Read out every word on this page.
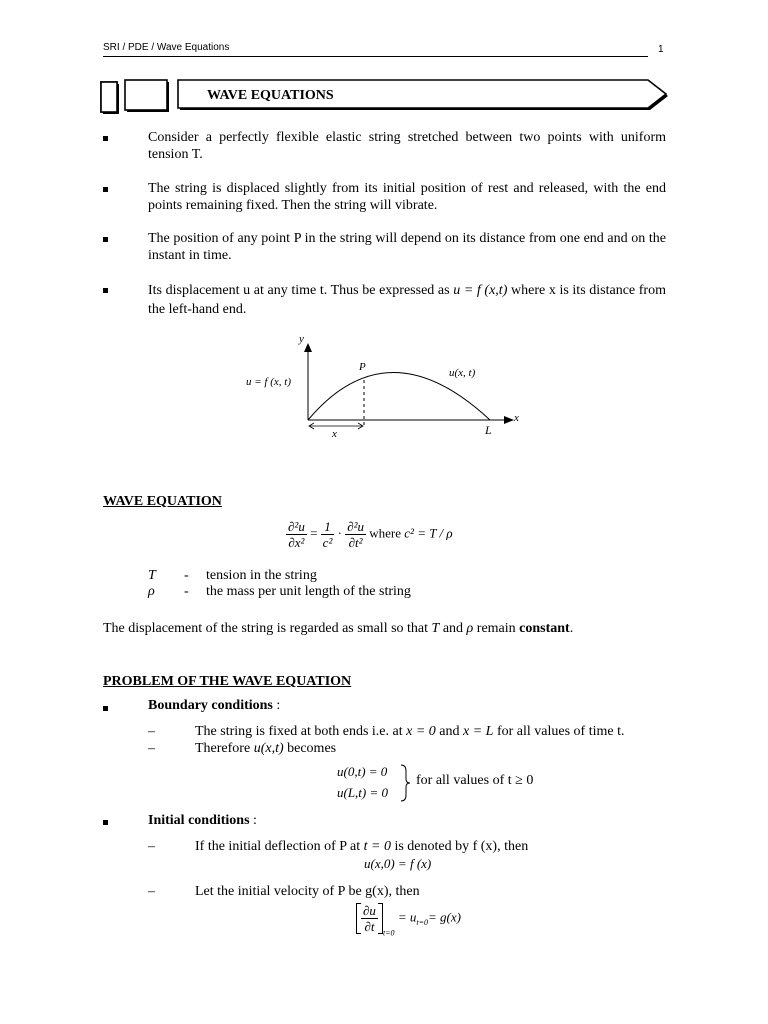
SRI / PDE / Wave Equations	1
WAVE EQUATIONS
Consider a perfectly flexible elastic string stretched between two points with uniform tension T.
The string is displaced slightly from its initial position of rest and released, with the end points remaining fixed. Then the string will vibrate.
The position of any point P in the string will depend on its distance from one end and on the instant in time.
Its displacement u at any time t. Thus be expressed as u = f (x,t) where x is its distance from the left-hand end.
y
x
P	u(x, t)
u = f (x, t)
x	L
WAVE EQUATION
$\frac{\text{∂²u}}{\text{∂x²}} = \frac{1}{\text{c²}} \cdot \frac{\text{∂²u}}{\text{∂t²}}$ where c² = T / ρ
T - tension in the string
ρ - the mass per unit length of the string
The displacement of the string is regarded as small so that T and ρ remain constant.
PROBLEM OF THE WAVE EQUATION
Boundary conditions :
–	The string is fixed at both ends i.e. at x = 0 and x = L for all values of time t.
–	Therefore u(x,t) becomes
u(0,t) = 0
u(L,t) = 0
for all values of t ≥ 0
Initial conditions :
–	If the initial deflection of P at t = 0 is denoted by f (x), then
u(x,0) = f (x)
–	Let the initial velocity of P be g(x), then
$\frac{\partial u}{\partial t} _{t=0} = u_{t=0}= g(x)$
